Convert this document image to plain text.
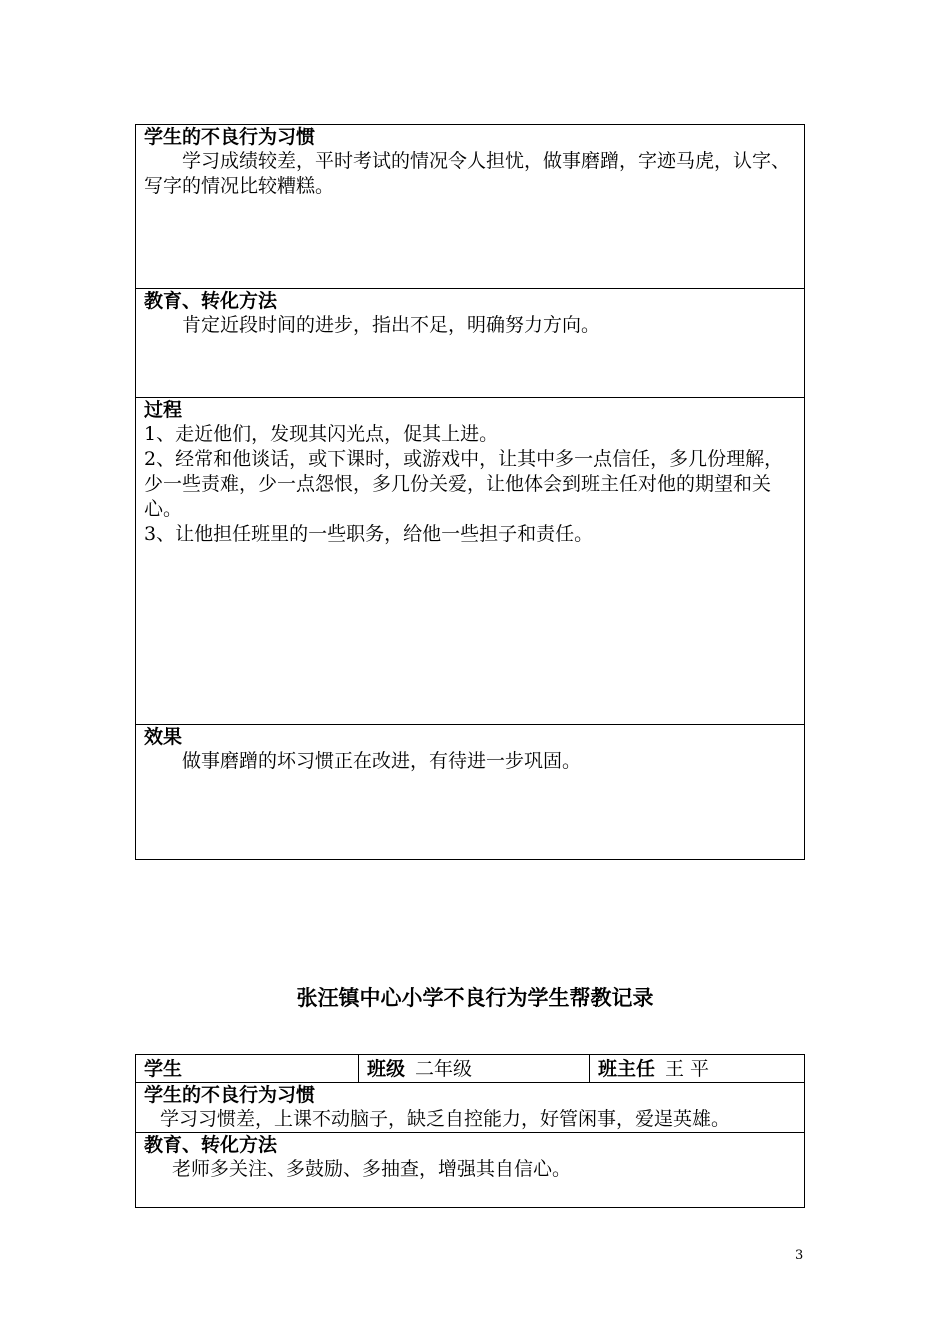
学生的不良行为习惯
学习成绩较差，平时考试的情况令人担忧，做事磨蹭，字迹马虎，认字、写字的情况比较糟糕。
教育、转化方法
肯定近段时间的进步，指出不足，明确努力方向。
过程
1、走近他们，发现其闪光点，促其上进。
2、经常和他谈话，或下课时，或游戏中，让其中多一点信任，多几份理解，少一些责难，少一点怨恨，多几份关爱，让他体会到班主任对他的期望和关心。
3、让他担任班里的一些职务，给他一些担子和责任。
效果
做事磨蹭的坏习惯正在改进，有待进一步巩固。
张汪镇中心小学不良行为学生帮教记录
学生	班级 二年级	班主任 王 平
学生的不良行为习惯
学习习惯差，上课不动脑子，缺乏自控能力，好管闲事，爱逞英雄。
教育、转化方法
老师多关注、多鼓励、多抽查，增强其自信心。
3
